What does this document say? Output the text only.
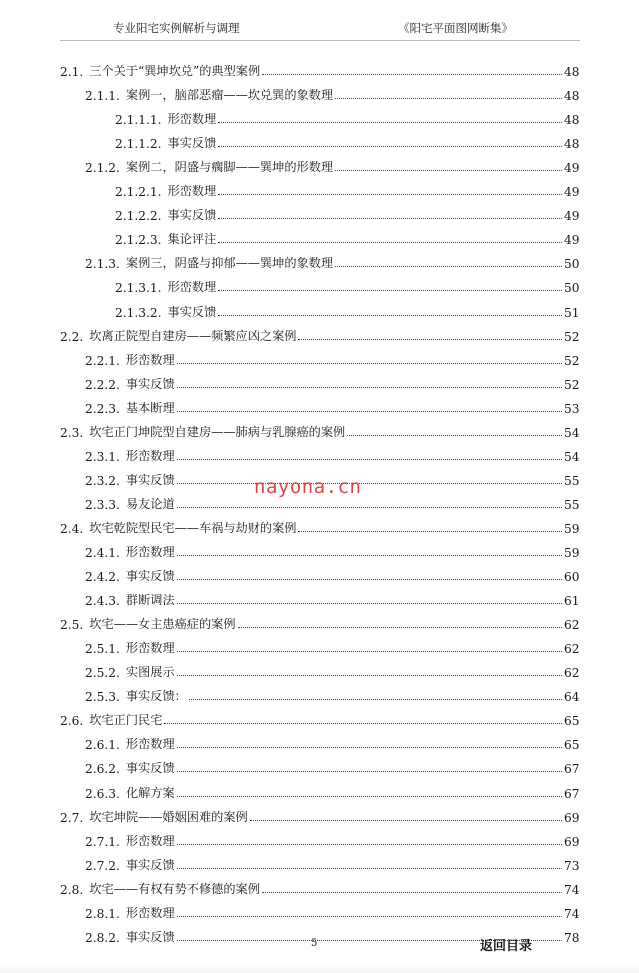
专业阳宅实例解析与调理	《阳宅平面图网断集》
2.1. 三个关于“巽坤坎兑”的典型案例	48
2.1.1. 案例一，脑部恶瘤——坎兑巽的象数理	48
2.1.1.1. 形峦数理	48
2.1.1.2. 事实反馈	48
2.1.2. 案例二，阴盛与瘸脚——巽坤的形数理	49
2.1.2.1. 形峦数理	49
2.1.2.2. 事实反馈	49
2.1.2.3. 集论评注	49
2.1.3. 案例三，阴盛与抑郁——巽坤的象数理	50
2.1.3.1. 形峦数理	50
2.1.3.2. 事实反馈	51
2.2. 坎离正院型自建房——频繁应凶之案例	52
2.2.1. 形峦数理	52
2.2.2. 事实反馈	52
2.2.3. 基本断理	53
2.3. 坎宅正门坤院型自建房——肺病与乳腺癌的案例	54
2.3.1. 形峦数理	54
2.3.2. 事实反馈	55
2.3.3. 易友论道	55
2.4. 坎宅乾院型民宅——车祸与劫财的案例	59
2.4.1. 形峦数理	59
2.4.2. 事实反馈	60
2.4.3. 群断调法	61
2.5. 坎宅——女主患癌症的案例	62
2.5.1. 形峦数理	62
2.5.2. 实图展示	62
2.5.3. 事实反馈：	64
2.6. 坎宅正门民宅	65
2.6.1. 形峦数理	65
2.6.2. 事实反馈	67
2.6.3. 化解方案	67
2.7. 坎宅坤院——婚姻困难的案例	69
2.7.1. 形峦数理	69
2.7.2. 事实反馈	73
2.8. 坎宅——有权有势不修德的案例	74
2.8.1. 形峦数理	74
2.8.2. 事实反馈	78
nayona.cn
5	返回目录
